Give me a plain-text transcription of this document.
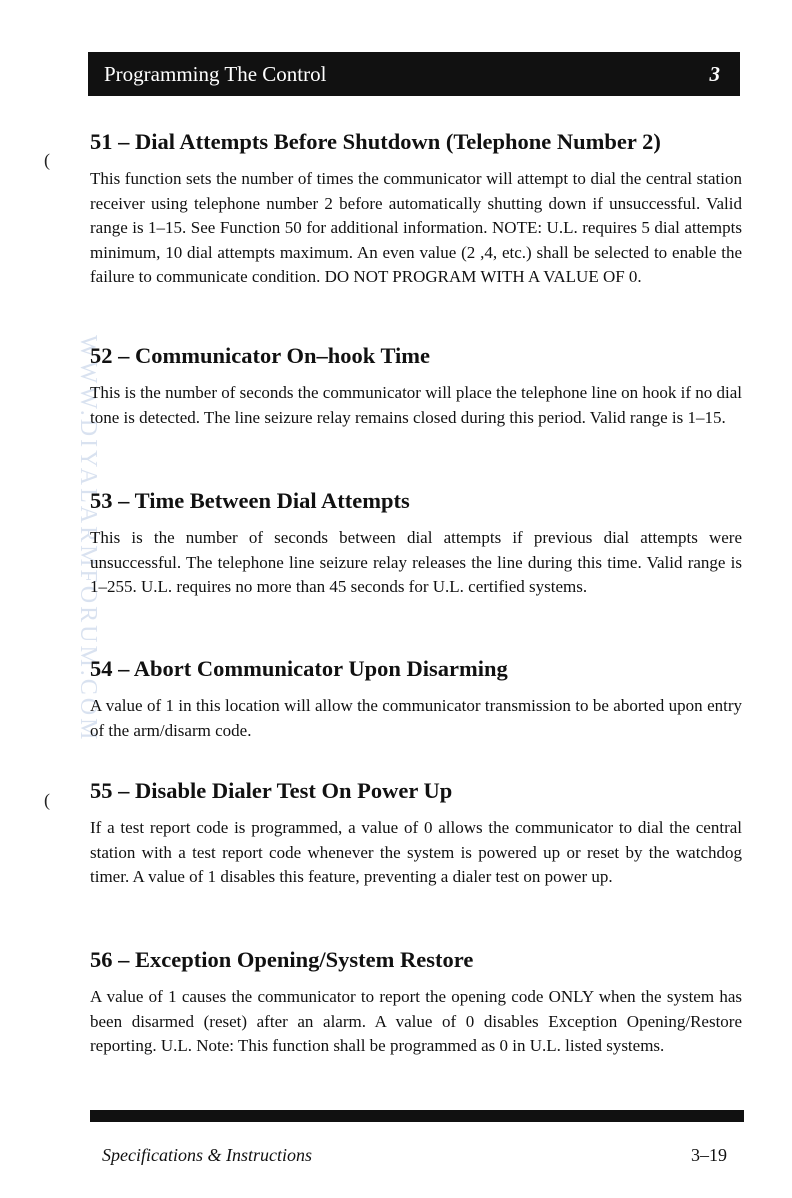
Programming The Control	3
WWW.DIYALARMFORUM.COM
(
(
51 – Dial Attempts Before Shutdown (Telephone Number 2)

This function sets the number of times the communicator will attempt to dial the central station receiver using telephone number 2 before automatically shutting down if unsuccessful. Valid range is 1–15. See Function 50 for additional information. NOTE: U.L. requires 5 dial attempts minimum, 10 dial attempts maximum. An even value (2 ,4, etc.) shall be selected to enable the failure to communicate condition. DO NOT PROGRAM WITH A VALUE OF 0.

52 – Communicator On–hook Time

This is the number of seconds the communicator will place the telephone line on hook if no dial tone is detected. The line seizure relay remains closed during this period. Valid range is 1–15.

53 – Time Between Dial Attempts

This is the number of seconds between dial attempts if previous dial attempts were unsuccessful. The telephone line seizure relay releases the line during this time. Valid range is 1–255. U.L. requires no more than 45 seconds for U.L. certified systems.

54 – Abort Communicator Upon Disarming

A value of 1 in this location will allow the communicator transmission to be aborted upon entry of the arm/disarm code.

55 – Disable Dialer Test On Power Up

If a test report code is programmed, a value of 0 allows the communicator to dial the central station with a test report code whenever the system is powered up or reset by the watchdog timer. A value of 1 disables this feature, preventing a dialer test on power up.

56 – Exception Opening/System Restore

A value of 1 causes the communicator to report the opening code ONLY when the system has been disarmed (reset) after an alarm. A value of 0 disables Exception Opening/Restore reporting. U.L. Note: This function shall be programmed as 0 in U.L. listed systems.

Specifications & Instructions	3–19
